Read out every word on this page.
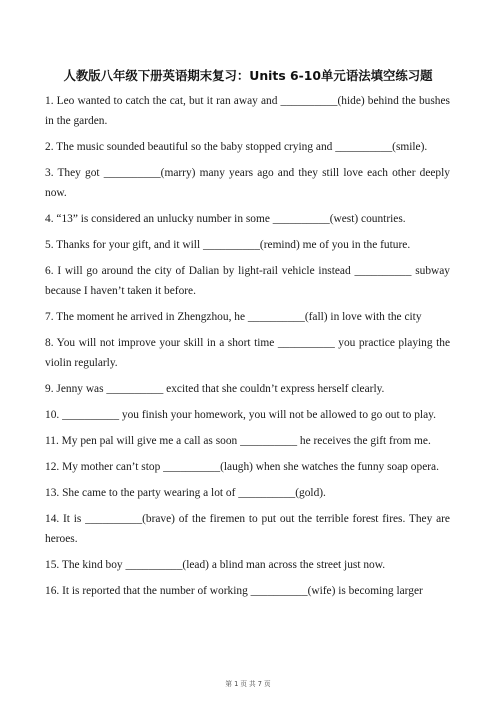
人教版八年级下册英语期末复习：Units 6-10单元语法填空练习题
1. Leo wanted to catch the cat, but it ran away and __________(hide) behind the bushes in the garden.
2. The music sounded beautiful so the baby stopped crying and __________(smile).
3. They got __________(marry) many years ago and they still love each other deeply now.
4. “13” is considered an unlucky number in some __________(west) countries.
5. Thanks for your gift, and it will __________(remind) me of you in the future.
6. I will go around the city of Dalian by light-rail vehicle instead __________ subway because I haven’t taken it before.
7. The moment he arrived in Zhengzhou, he __________(fall) in love with the city
8. You will not improve your skill in a short time __________ you practice playing the violin regularly.
9. Jenny was __________ excited that she couldn’t express herself clearly.
10. __________ you finish your homework, you will not be allowed to go out to play.
11. My pen pal will give me a call as soon __________ he receives the gift from me.
12. My mother can’t stop __________(laugh) when she watches the funny soap opera.
13. She came to the party wearing a lot of __________(gold).
14. It is __________(brave) of the firemen to put out the terrible forest fires. They are heroes.
15. The kind boy __________(lead) a blind man across the street just now.
16. It is reported that the number of working __________(wife) is becoming larger
第 1 页 共 7 页
